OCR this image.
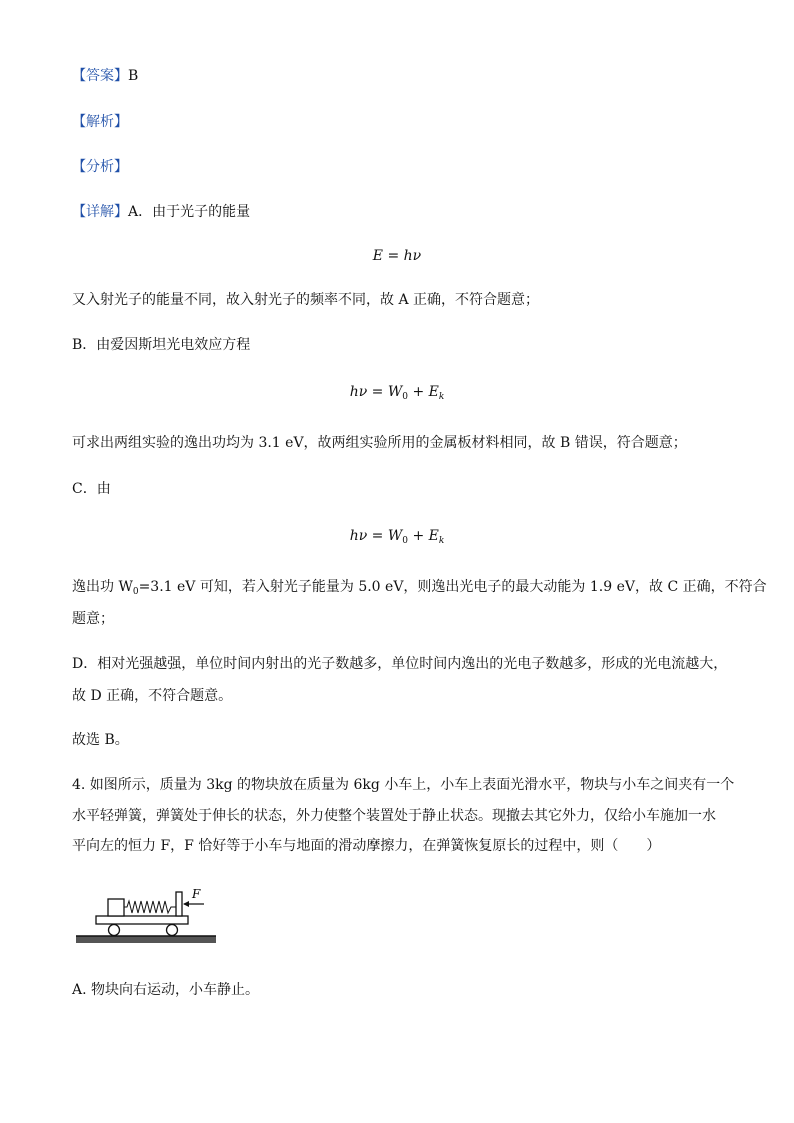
【答案】B
【解析】
【分析】
【详解】A．由于光子的能量
E = hν
又入射光子的能量不同，故入射光子的频率不同，故 A 正确，不符合题意；
B．由爱因斯坦光电效应方程
$h\nu = W_0 + E_k$
可求出两组实验的逸出功均为 3.1 eV，故两组实验所用的金属板材料相同，故 B 错误，符合题意；
C．由
$h\nu = W_0 + E_k$
逸出功 $W_0=3.1$ eV 可知，若入射光子能量为 5.0 eV，则逸出光电子的最大动能为 1.9 eV，故 C 正确，不符合
题意；
D．相对光强越强，单位时间内射出的光子数越多，单位时间内逸出的光电子数越多，形成的光电流越大，
故 D 正确，不符合题意。
故选 B。
4. 如图所示，质量为 3kg 的物块放在质量为 6kg 小车上，小车上表面光滑水平，物块与小车之间夹有一个
水平轻弹簧，弹簧处于伸长的状态，外力使整个装置处于静止状态。现撤去其它外力，仅给小车施加一水
平向左的恒力 F，F 恰好等于小车与地面的滑动摩擦力，在弹簧恢复原长的过程中，则（　　）
F
A. 物块向右运动，小车静止。
